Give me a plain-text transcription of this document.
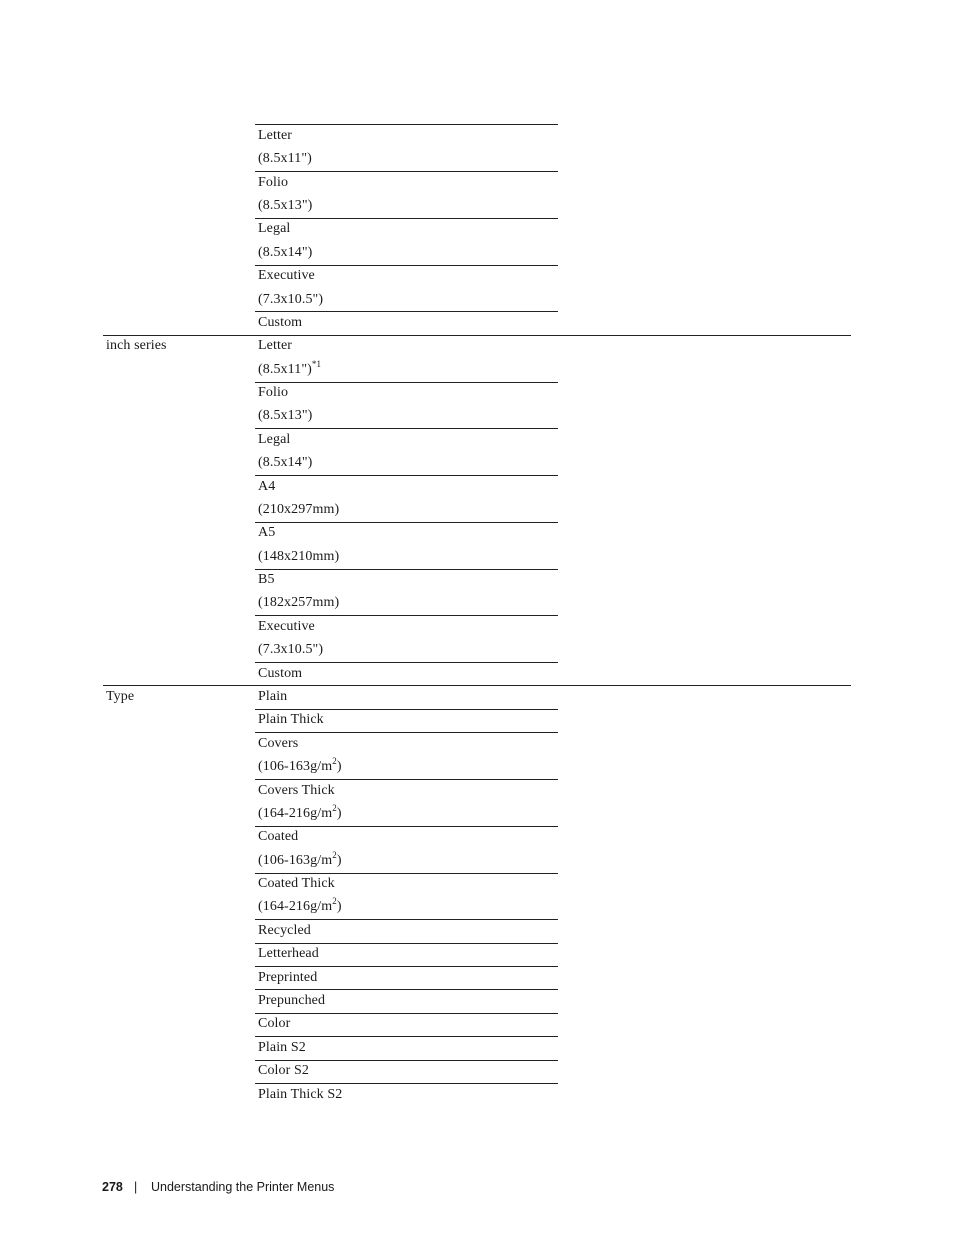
inch series
Type
Letter
(8.5x11")
Folio
(8.5x13")
Legal
(8.5x14")
Executive
(7.3x10.5")
Custom
Letter
(8.5x11")$^{*1}$
Folio
(8.5x13")
Legal
(8.5x14")
A4
(210x297mm)
A5
(148x210mm)
B5
(182x257mm)
Executive
(7.3x10.5")
Custom
Plain
Plain Thick
Covers
$(106-163g/m^2)$
Covers Thick
$(164-216g/m^2)$
Coated
$(106-163g/m^2)$
Coated Thick
$(164-216g/m^2)$
Recycled
Letterhead
Preprinted
Prepunched
Color
Plain S2
Color S2
Plain Thick S2
278 | Understanding the Printer Menus
